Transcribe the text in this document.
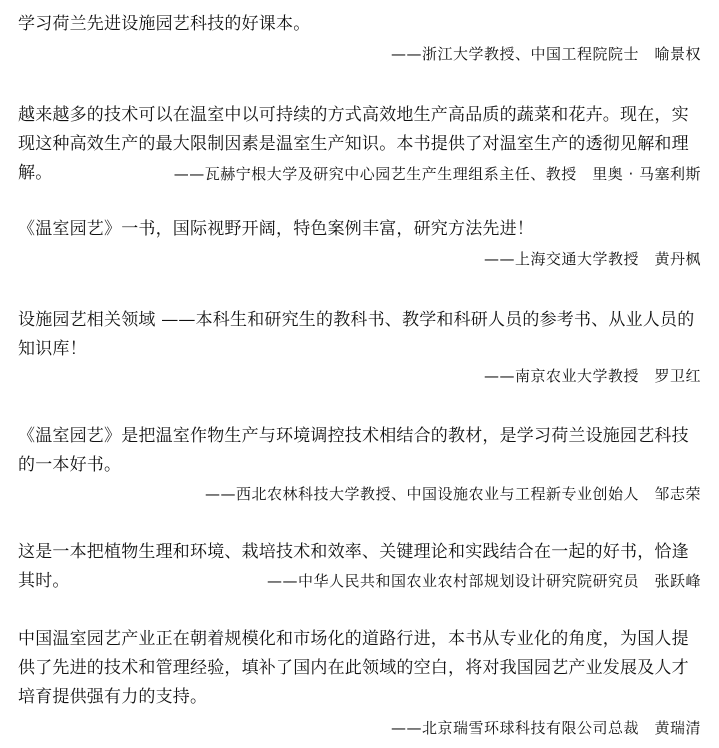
学习荷兰先进设施园艺科技的好课本。
——浙江大学教授、中国工程院院士　喻景权
越来越多的技术可以在温室中以可持续的方式高效地生产高品质的蔬菜和花卉。现在，实现这种高效生产的最大限制因素是温室生产知识。本书提供了对温室生产的透彻见解和理解。	——瓦赫宁根大学及研究中心园艺生产生理组系主任、教授　里奥 · 马塞利斯
《温室园艺》一书，国际视野开阔，特色案例丰富，研究方法先进！
——上海交通大学教授　黄丹枫
设施园艺相关领域 ——本科生和研究生的教科书、教学和科研人员的参考书、从业人员的知识库！
——南京农业大学教授　罗卫红
《温室园艺》是把温室作物生产与环境调控技术相结合的教材，是学习荷兰设施园艺科技的一本好书。
——西北农林科技大学教授、中国设施农业与工程新专业创始人　邹志荣
这是一本把植物生理和环境、栽培技术和效率、关键理论和实践结合在一起的好书，恰逢其时。	——中华人民共和国农业农村部规划设计研究院研究员　张跃峰
中国温室园艺产业正在朝着规模化和市场化的道路行进，本书从专业化的角度，为国人提供了先进的技术和管理经验，填补了国内在此领域的空白，将对我国园艺产业发展及人才培育提供强有力的支持。
——北京瑞雪环球科技有限公司总裁　黄瑞清
